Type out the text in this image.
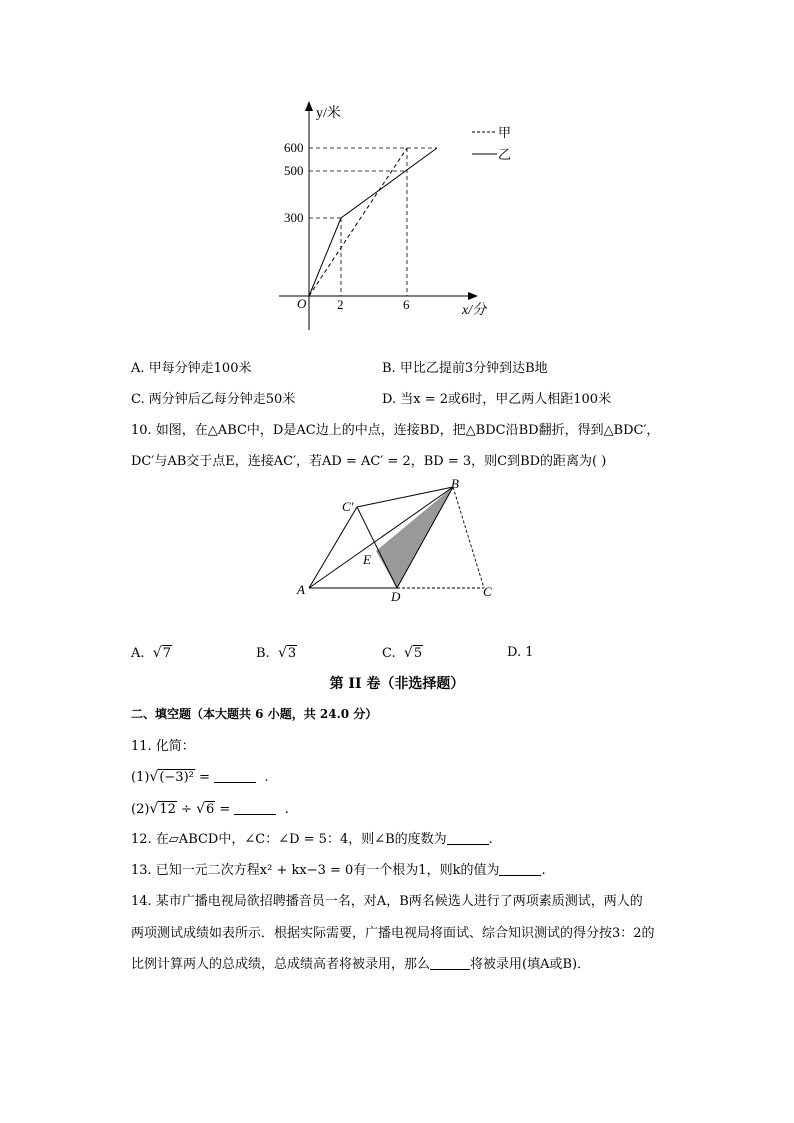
y/米
x/分
O
600
500
300
2	6
甲
乙
A. 甲每分钟走100米	B. 甲比乙提前3分钟到达B地
C. 两分钟后乙每分钟走50米	D. 当x = 2或6时，甲乙两人相距100米
10. 如图，在△ABC中，D是AC边上的中点，连接BD，把△BDC沿BD翻折，得到△BDC′，
DC′与AB交于点E，连接AC′，若AD = AC′ = 2，BD = 3，则C到BD的距离为( )
A
B
C
D
E
C′
A. √7	B. √3	C. √5	D. 1
第 II 卷（非选择题）
二、填空题（本大题共 6 小题，共 24.0 分）
11. 化简：
(1)√(−3)² =	.
(2)√12 ÷ √6 =	.
12. 在▱ABCD中，∠C：∠D = 5：4，则∠B的度数为	.
13. 已知一元二次方程x² + kx−3 = 0有一个根为1，则k的值为	.
14. 某市广播电视局欲招聘播音员一名，对A，B两名候选人进行了两项素质测试，两人的
两项测试成绩如表所示．根据实际需要，广播电视局将面试、综合知识测试的得分按3：2的
比例计算两人的总成绩，总成绩高者将被录用，那么	将被录用(填A或B)．
